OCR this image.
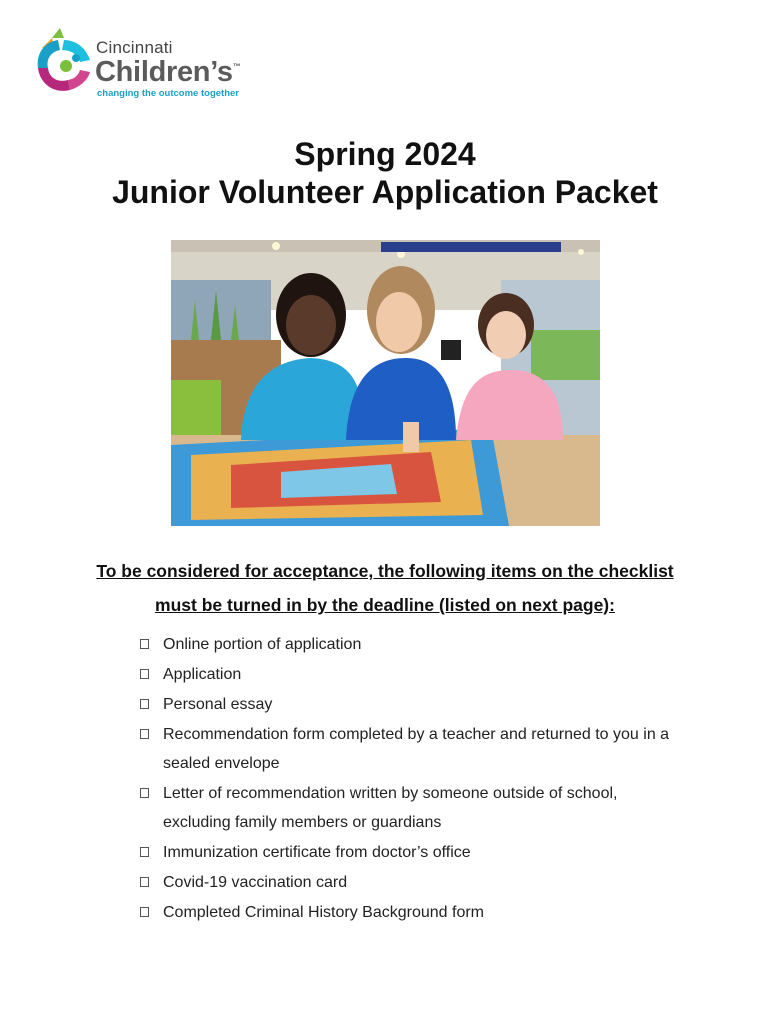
Cincinnati
Children’s™
changing the outcome together
Spring 2024
Junior Volunteer Application Packet
To be considered for acceptance, the following items on the checklist
must be turned in by the deadline (listed on next page):
Online portion of application
Application
Personal essay
Recommendation form completed by a teacher and returned to you in a
sealed envelope
Letter of recommendation written by someone outside of school,
excluding family members or guardians
Immunization certificate from doctor’s office
Covid-19 vaccination card
Completed Criminal History Background form
